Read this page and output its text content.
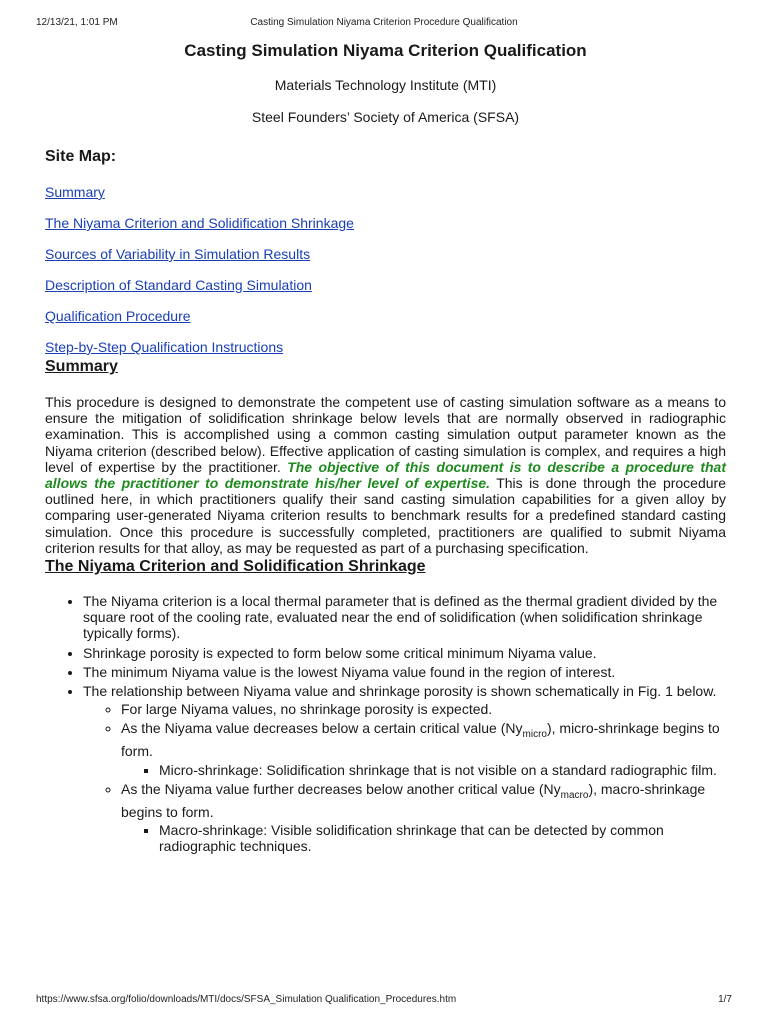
12/13/21, 1:01 PM	Casting Simulation Niyama Criterion Procedure Qualification
Casting Simulation Niyama Criterion Qualification

Materials Technology Institute (MTI)

Steel Founders’ Society of America (SFSA)

Site Map:
Summary
The Niyama Criterion and Solidification Shrinkage
Sources of Variability in Simulation Results
Description of Standard Casting Simulation
Qualification Procedure
Step-by-Step Qualification Instructions
Summary

This procedure is designed to demonstrate the competent use of casting simulation software as a means to ensure the mitigation of solidification shrinkage below levels that are normally observed in radiographic examination. This is accomplished using a common casting simulation output parameter known as the Niyama criterion (described below). Effective application of casting simulation is complex, and requires a high level of expertise by the practitioner. The objective of this document is to describe a procedure that allows the practitioner to demonstrate his/her level of expertise. This is done through the procedure outlined here, in which practitioners qualify their sand casting simulation capabilities for a given alloy by comparing user-generated Niyama criterion results to benchmark results for a predefined standard casting simulation. Once this procedure is successfully completed, practitioners are qualified to submit Niyama criterion results for that alloy, as may be requested as part of a purchasing specification.

The Niyama Criterion and Solidification Shrinkage
• The Niyama criterion is a local thermal parameter that is defined as the thermal gradient divided by the square root of the cooling rate, evaluated near the end of solidification (when solidification shrinkage typically forms).
• Shrinkage porosity is expected to form below some critical minimum Niyama value.
• The minimum Niyama value is the lowest Niyama value found in the region of interest.
• The relationship between Niyama value and shrinkage porosity is shown schematically in Fig. 1 below.
◦ For large Niyama values, no shrinkage porosity is expected.
◦ As the Niyama value decreases below a certain critical value $(Ny_{micro})$, micro-shrinkage begins to form.
▪ Micro-shrinkage: Solidification shrinkage that is not visible on a standard radiographic film.
◦ As the Niyama value further decreases below another critical value $(Ny_{macro})$, macro-shrinkage begins to form.
▪ Macro-shrinkage: Visible solidification shrinkage that can be detected by common radiographic techniques.
https://www.sfsa.org/folio/downloads/MTI/docs/SFSA_Simulation Qualification_Procedures.htm	1/7
